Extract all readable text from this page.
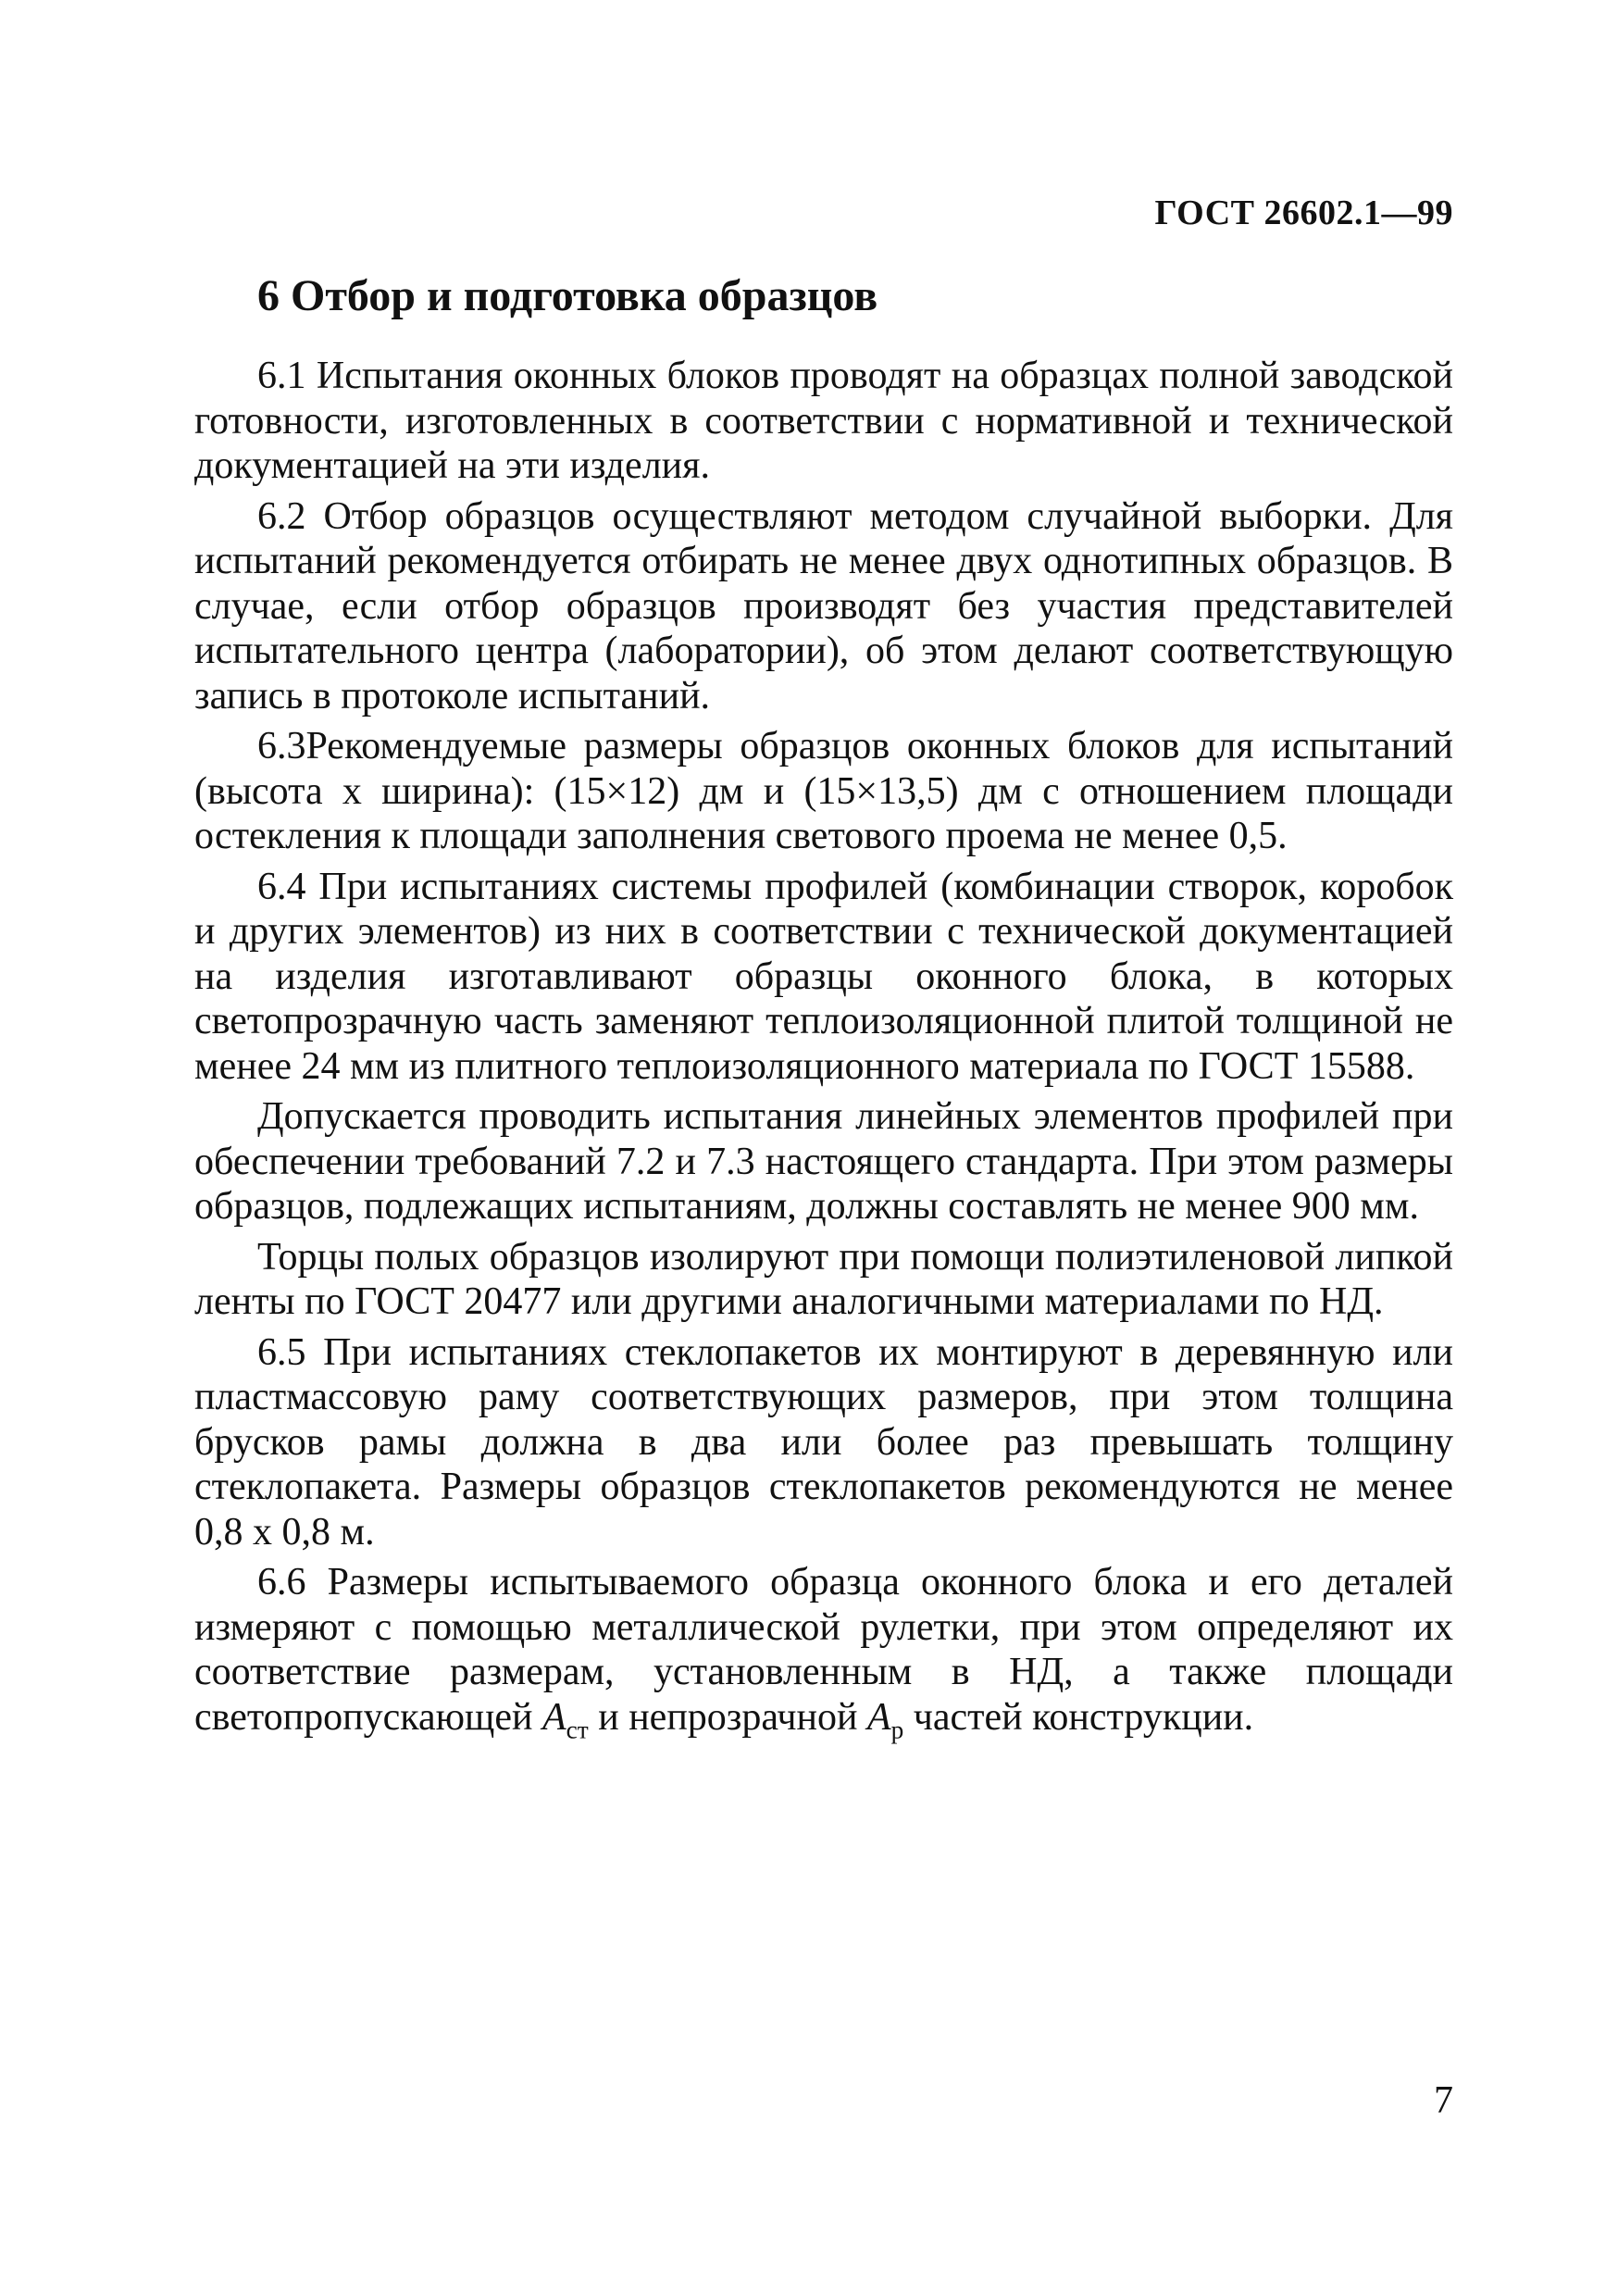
ГОСТ 26602.1—99
6 Отбор и подготовка образцов

6.1 Испытания оконных блоков проводят на образцах полной заводской готовности, изготовленных в соответствии с нормативной и технической документацией на эти изделия.

6.2 Отбор образцов осуществляют методом случайной выборки. Для испытаний рекомендуется отбирать не менее двух однотипных образцов. В случае, если отбор образцов производят без участия представителей испытательного центра (лаборатории), об этом делают соответствующую запись в протоколе испытаний.

6.3Рекомендуемые размеры образцов оконных блоков для испытаний (высота х ширина): (15×12) дм и (15×13,5) дм с отношением площади остекления к площади заполнения светового проема не менее 0,5.

6.4 При испытаниях системы профилей (комбинации створок, коробок и других элементов) из них в соответствии с технической документацией на изделия изготавливают образцы оконного блока, в которых светопрозрачную часть заменяют теплоизоляционной плитой толщиной не менее 24 мм из плитного теплоизоляционного материала по ГОСТ 15588.

Допускается проводить испытания линейных элементов профилей при обеспечении требований 7.2 и 7.3 настоящего стандарта. При этом размеры образцов, подлежащих испытаниям, должны составлять не менее 900 мм.

Торцы полых образцов изолируют при помощи полиэтиленовой липкой ленты по ГОСТ 20477 или другими аналогичными материалами по НД.

6.5 При испытаниях стеклопакетов их монтируют в деревянную или пластмассовую раму соответствующих размеров, при этом толщина брусков рамы должна в два или более раз превышать толщину стеклопакета. Размеры образцов стеклопакетов рекомендуются не менее 0,8 х 0,8 м.

6.6 Размеры испытываемого образца оконного блока и его деталей измеряют с помощью металлической рулетки, при этом определяют их соответствие размерам, установленным в НД, а также площади светопропускающей $A_{ст}$ и непрозрачной $A_р$ частей конструкции.

7
